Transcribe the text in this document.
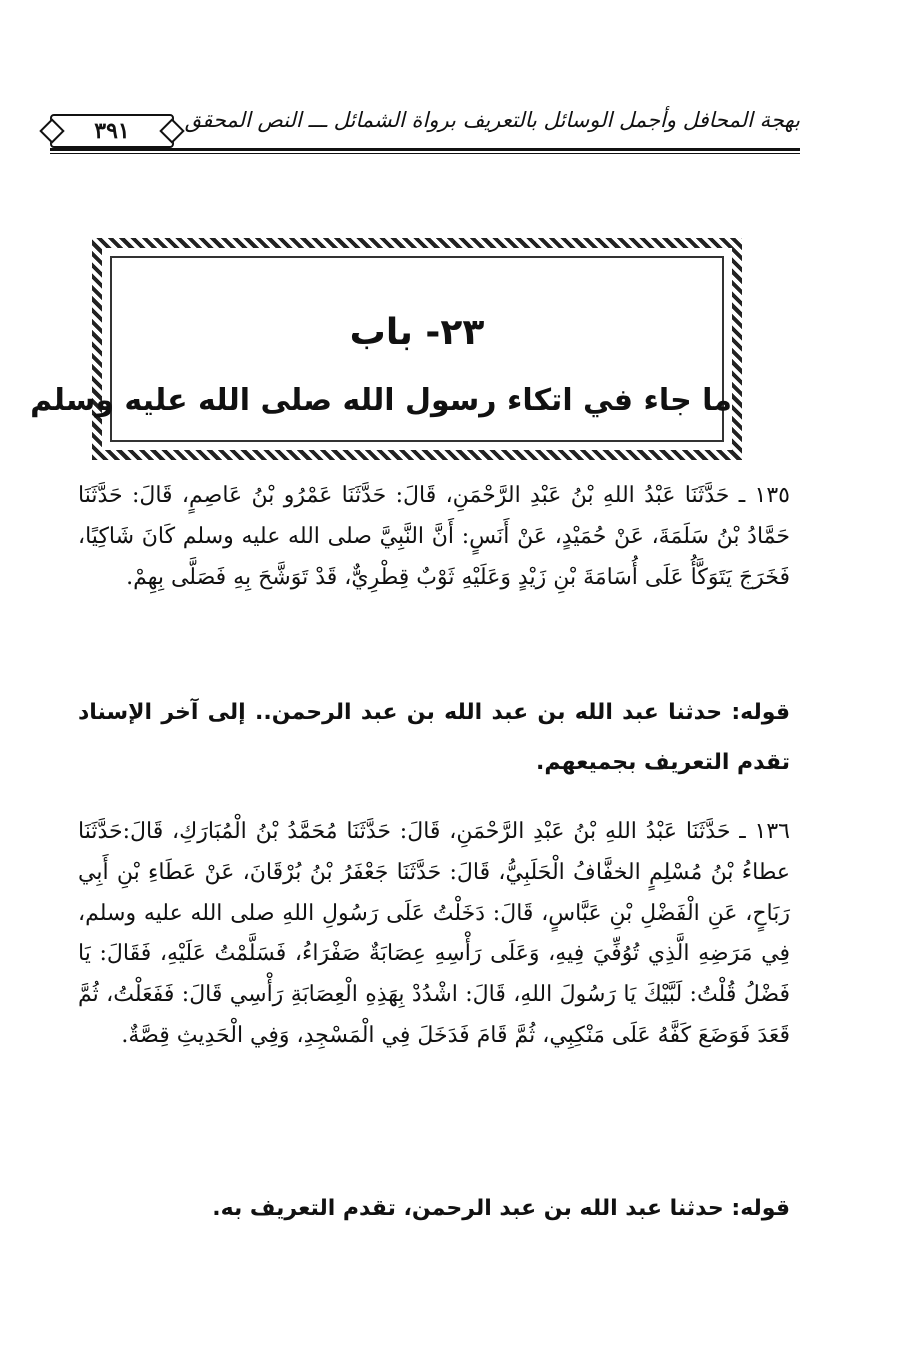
بهجة المحافل وأجمل الوسائل بالتعريف برواة الشمائل ـــ النص المحقق
٣٩١
٢٣- باب
ما جاء في اتكاء رسول الله صلى الله عليه وسلم

١٣٥ ـ حَدَّثَنَا عَبْدُ اللهِ بْنُ عَبْدِ الرَّحْمَنِ، قَالَ: حَدَّثَنَا عَمْرُو بْنُ عَاصِمٍ، قَالَ: حَدَّثَنَا حَمَّادُ بْنُ سَلَمَةَ، عَنْ حُمَيْدٍ، عَنْ أَنَسٍ: أَنَّ النَّبِيَّ صلى الله عليه وسلم كَانَ شَاكِيًا، فَخَرَجَ يَتَوَكَّأُ عَلَى أُسَامَةَ بْنِ زَيْدٍ وَعَلَيْهِ ثَوْبٌ قِطْرِيٌّ، قَدْ تَوَشَّحَ بِهِ فَصَلَّى بِهِمْ.

قوله: حدثنا عبد الله بن عبد الله بن عبد الرحمن.. إلى آخر الإسناد تقدم التعريف بجميعهم.

١٣٦ ـ حَدَّثَنَا عَبْدُ اللهِ بْنُ عَبْدِ الرَّحْمَنِ، قَالَ: حَدَّثَنَا مُحَمَّدُ بْنُ الْمُبَارَكِ، قَالَ:حَدَّثَنَا عطاءُ بْنُ مُسْلِمٍ الخفَّافُ الْحَلَبِيُّ، قَالَ: حَدَّثَنَا جَعْفَرُ بْنُ بُرْقَانَ، عَنْ عَطَاءِ بْنِ أَبِي رَبَاحٍ، عَنِ الْفَضْلِ بْنِ عَبَّاسٍ، قَالَ: دَخَلْتُ عَلَى رَسُولِ اللهِ صلى الله عليه وسلم، فِي مَرَضِهِ الَّذِي تُوُفِّيَ فِيهِ، وَعَلَى رَأْسِهِ عِصَابَةٌ صَفْرَاءُ، فَسَلَّمْتُ عَلَيْهِ، فَقَالَ: يَا فَضْلُ قُلْتُ: لَبَّيْكَ يَا رَسُولَ اللهِ، قَالَ: اشْدُدْ بِهَذِهِ الْعِصَابَةِ رَأْسِي قَالَ: فَفَعَلْتُ، ثُمَّ قَعَدَ فَوَضَعَ كَفَّهُ عَلَى مَنْكِبِي، ثُمَّ قَامَ فَدَخَلَ فِي الْمَسْجِدِ، وَفِي الْحَدِيثِ قِصَّةٌ.

قوله: حدثنا عبد الله بن عبد الرحمن، تقدم التعريف به.
